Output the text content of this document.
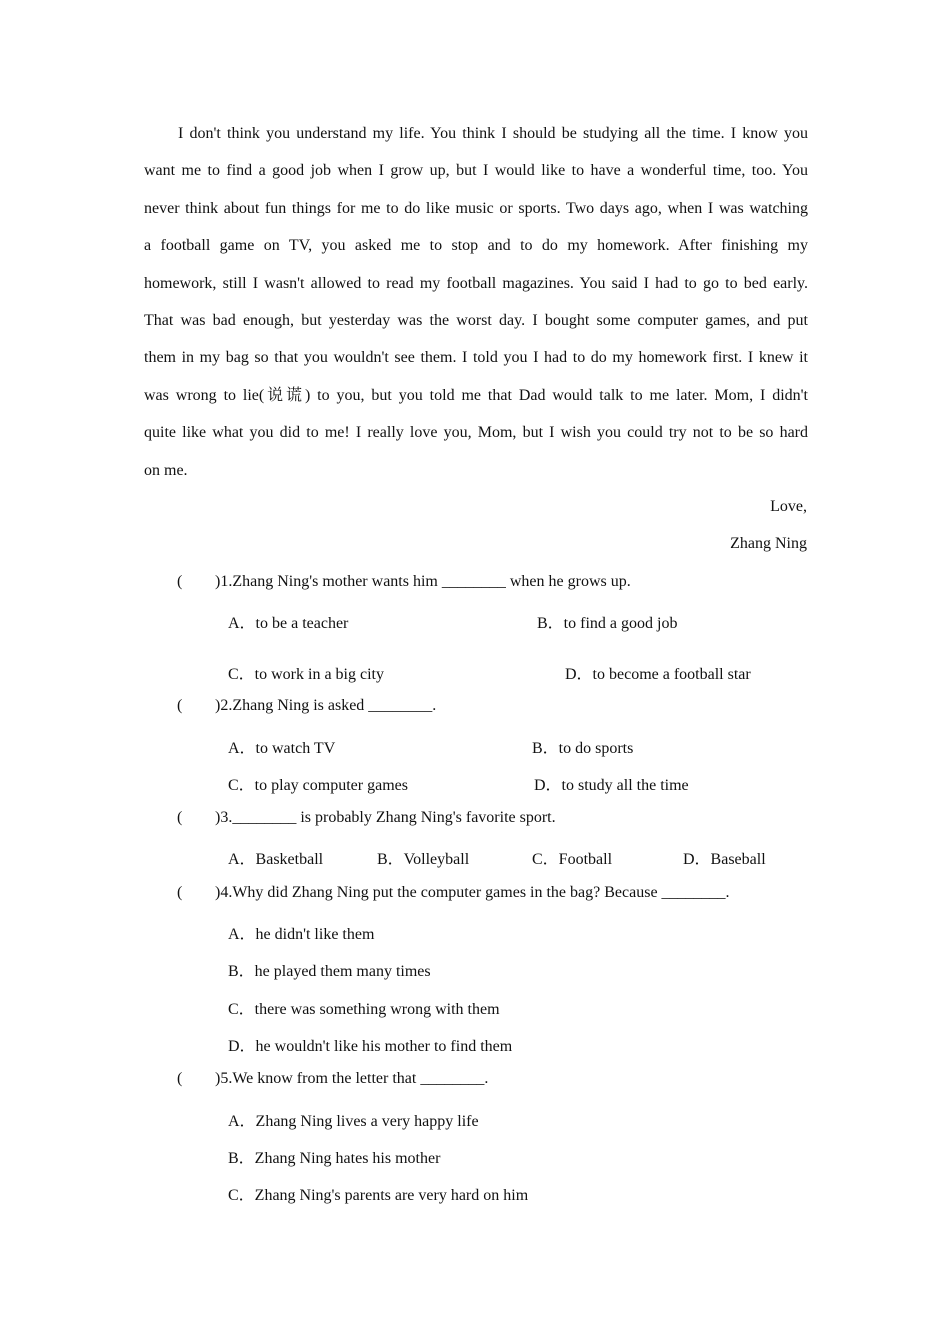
I don't think you understand my life. You think I should be studying all the time. I know you
want me to find a good job when I grow up, but I would like to have a wonderful time, too. You
never think about fun things for me to do like music or sports. Two days ago, when I was watching
a football game on TV, you asked me to stop and to do my homework. After finishing my
homework, still I wasn't allowed to read my football magazines. You said I had to go to bed early.
That was bad enough, but yesterday was the worst day. I bought some computer games, and put
them in my bag so that you wouldn't see them. I told you I had to do my homework first. I knew it
was wrong to lie(说谎) to you, but you told me that Dad would talk to me later. Mom, I didn't
quite like what you did to me! I really love you, Mom, but I wish you could try not to be so hard
on me.
Love,
Zhang Ning
( )1.Zhang Ning's mother wants him ________ when he grows up.
A．to be a teacher	B．to find a good job
C．to work in a big city	D．to become a football star
( )2.Zhang Ning is asked ________.
A．to watch TV	B．to do sports
C．to play computer games	D．to study all the time
( )3.________ is probably Zhang Ning's favorite sport.
A．Basketball	B．Volleyball	C．Football	D．Baseball
( )4.Why did Zhang Ning put the computer games in the bag? Because ________.
A．he didn't like them
B．he played them many times
C．there was something wrong with them
D．he wouldn't like his mother to find them
( )5.We know from the letter that ________.
A．Zhang Ning lives a very happy life
B．Zhang Ning hates his mother
C．Zhang Ning's parents are very hard on him
